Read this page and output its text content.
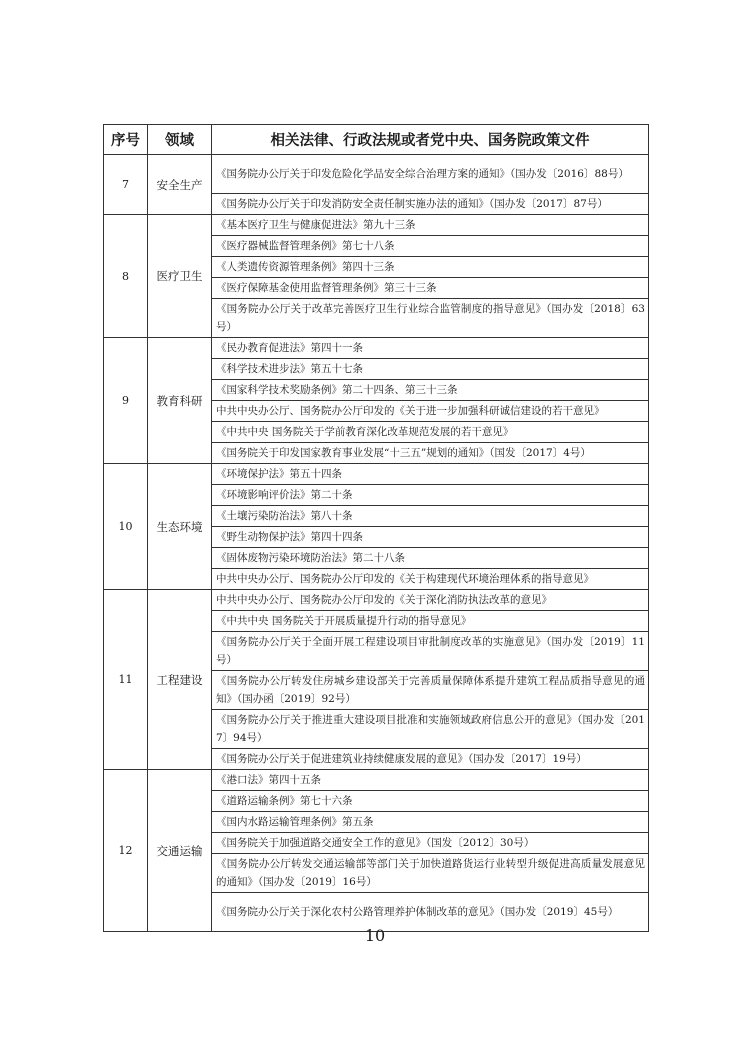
序号	领域	相关法律、行政法规或者党中央、国务院政策文件
7	安全生产	《国务院办公厅关于印发危险化学品安全综合治理方案的通知》（国办发〔2016〕88号）
		《国务院办公厅关于印发消防安全责任制实施办法的通知》（国办发〔2017〕87号）
8	医疗卫生	《基本医疗卫生与健康促进法》第九十三条
		《医疗器械监督管理条例》第七十八条
		《人类遗传资源管理条例》第四十三条
		《医疗保障基金使用监督管理条例》第三十三条
		《国务院办公厅关于改革完善医疗卫生行业综合监管制度的指导意见》（国办发〔2018〕63号）
9	教育科研	《民办教育促进法》第四十一条
		《科学技术进步法》第五十七条
		《国家科学技术奖励条例》第二十四条、第三十三条
		中共中央办公厅、国务院办公厅印发的《关于进一步加强科研诚信建设的若干意见》
		《中共中央 国务院关于学前教育深化改革规范发展的若干意见》
		《国务院关于印发国家教育事业发展“十三五”规划的通知》（国发〔2017〕4号）
10	生态环境	《环境保护法》第五十四条
		《环境影响评价法》第二十条
		《土壤污染防治法》第八十条
		《野生动物保护法》第四十四条
		《固体废物污染环境防治法》第二十八条
		中共中央办公厅、国务院办公厅印发的《关于构建现代环境治理体系的指导意见》
11	工程建设	中共中央办公厅、国务院办公厅印发的《关于深化消防执法改革的意见》
		《中共中央 国务院关于开展质量提升行动的指导意见》
		《国务院办公厅关于全面开展工程建设项目审批制度改革的实施意见》（国办发〔2019〕11号）
		《国务院办公厅转发住房城乡建设部关于完善质量保障体系提升建筑工程品质指导意见的通知》（国办函〔2019〕92号）
		《国务院办公厅关于推进重大建设项目批准和实施领域政府信息公开的意见》（国办发〔2017〕94号）
		《国务院办公厅关于促进建筑业持续健康发展的意见》（国办发〔2017〕19号）
12	交通运输	《港口法》第四十五条
		《道路运输条例》第七十六条
		《国内水路运输管理条例》第五条
		《国务院关于加强道路交通安全工作的意见》（国发〔2012〕30号）
		《国务院办公厅转发交通运输部等部门关于加快道路货运行业转型升级促进高质量发展意见的通知》（国办发〔2019〕16号）
		《国务院办公厅关于深化农村公路管理养护体制改革的意见》（国办发〔2019〕45号）
10
